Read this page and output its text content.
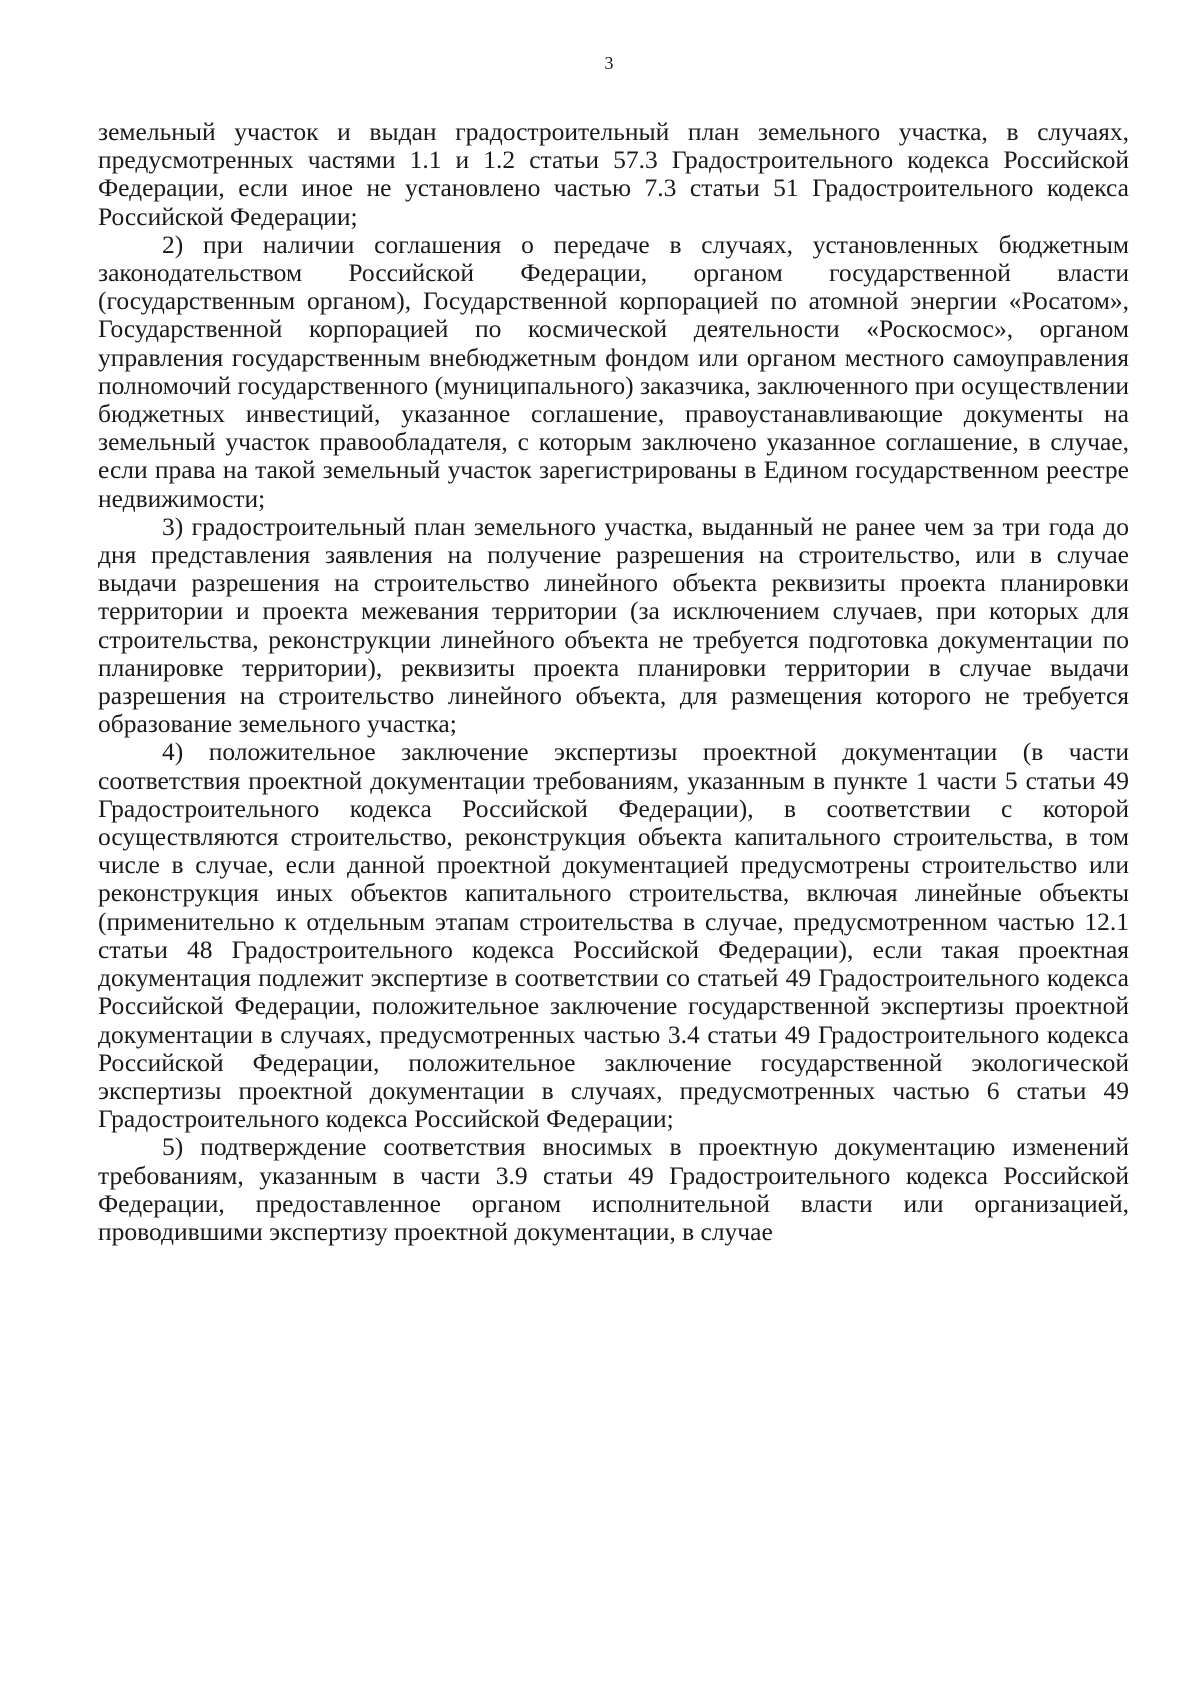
3

земельный участок и выдан градостроительный план земельного участка, в случаях, предусмотренных частями 1.1 и 1.2 статьи 57.3 Градостроительного кодекса Российской Федерации, если иное не установлено частью 7.3 статьи 51 Градостроительного кодекса Российской Федерации;

2) при наличии соглашения о передаче в случаях, установленных бюджетным законодательством Российской Федерации, органом государственной власти (государственным органом), Государственной корпорацией по атомной энергии «Росатом», Государственной корпорацией по космической деятельности «Роскосмос», органом управления государственным внебюджетным фондом или органом местного самоуправления полномочий государственного (муниципального) заказчика, заключенного при осуществлении бюджетных инвестиций, указанное соглашение, правоустанавливающие документы на земельный участок правообладателя, с которым заключено указанное соглашение, в случае, если права на такой земельный участок зарегистрированы в Едином государственном реестре недвижимости;

3) градостроительный план земельного участка, выданный не ранее чем за три года до дня представления заявления на получение разрешения на строительство, или в случае выдачи разрешения на строительство линейного объекта реквизиты проекта планировки территории и проекта межевания территории (за исключением случаев, при которых для строительства, реконструкции линейного объекта не требуется подготовка документации по планировке территории), реквизиты проекта планировки территории в случае выдачи разрешения на строительство линейного объекта, для размещения которого не требуется образование земельного участка;

4) положительное заключение экспертизы проектной документации (в части соответствия проектной документации требованиям, указанным в пункте 1 части 5 статьи 49 Градостроительного кодекса Российской Федерации), в соответствии с которой осуществляются строительство, реконструкция объекта капитального строительства, в том числе в случае, если данной проектной документацией предусмотрены строительство или реконструкция иных объектов капитального строительства, включая линейные объекты (применительно к отдельным этапам строительства в случае, предусмотренном частью 12.1 статьи 48 Градостроительного кодекса Российской Федерации), если такая проектная документация подлежит экспертизе в соответствии со статьей 49 Градостроительного кодекса Российской Федерации, положительное заключение государственной экспертизы проектной документации в случаях, предусмотренных частью 3.4 статьи 49 Градостроительного кодекса Российской Федерации, положительное заключение государственной экологической экспертизы проектной документации в случаях, предусмотренных частью 6 статьи 49 Градостроительного кодекса Российской Федерации;

5) подтверждение соответствия вносимых в проектную документацию изменений требованиям, указанным в части 3.9 статьи 49 Градостроительного кодекса Российской Федерации, предоставленное органом исполнительной власти или организацией, проводившими экспертизу проектной документации, в случае
